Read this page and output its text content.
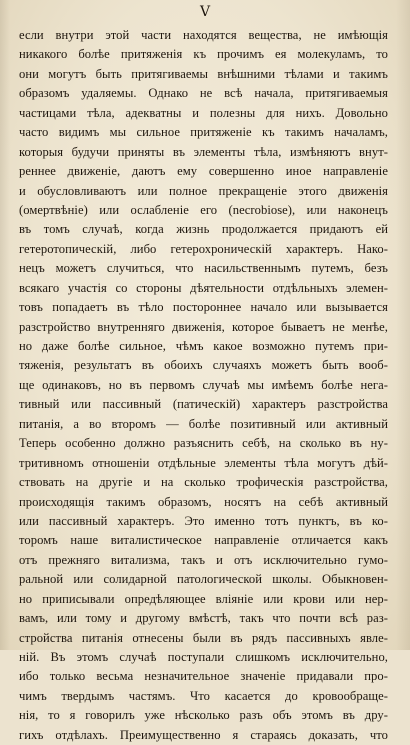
V
если внутри этой части находятся вещества, не имѣющія
никакого болѣе притяженія къ прочимъ ея молекуламъ, то
они могутъ быть притягиваемы внѣшними тѣлами и такимъ
образомъ удаляемы. Однако не всѣ начала, притягиваемыя
частицами тѣла, адекватны и полезны для нихъ. Довольно
часто видимъ мы сильное притяженіе къ такимъ началамъ,
которыя будучи приняты въ элементы тѣла, измѣняютъ внут-
реннее движеніе, даютъ ему совершенно иное направленіе
и обусловливаютъ или полное прекращеніе этого движенія
(омертвѣніе) или ослабленіе его (necrobiose), или наконецъ
въ томъ случаѣ, когда жизнь продолжается придаютъ ей
гетеротопическій, либо гетерохроническій характеръ. Нако-
нецъ можетъ случиться, что насильственнымъ путемъ, безъ
всякаго участія со стороны дѣятельности отдѣльныхъ элемен-
товъ попадаетъ въ тѣло постороннее начало или вызывается
разстройство внутренняго движенія, которое бываетъ не менѣе,
но даже болѣе сильное, чѣмъ какое возможно путемъ при-
тяженія, результатъ въ обоихъ случаяхъ можетъ быть вооб-
ще одинаковъ, но въ первомъ случаѣ мы имѣемъ болѣе нега-
тивный или пассивный (патическій) характеръ разстройства
питанія, а во второмъ — болѣе позитивный или активный
Теперь особенно должно разъяснить себѣ, на сколько въ ну-
тритивномъ отношеніи отдѣльные элементы тѣла могутъ дѣй-
ствовать на другіе и на сколько трофическія разстройства,
происходящія такимъ образомъ, носятъ на себѣ активный
или пассивный характеръ. Это именно тотъ пунктъ, въ ко-
торомъ наше виталистическое направленіе отличается какъ
отъ прежняго витализма, такъ и отъ исключительно гумо-
ральной или солидарной патологической школы. Обыкновен-
но приписывали опредѣляющее вліяніе или крови или нер-
вамъ, или тому и другому вмѣстѣ, такъ что почти всѣ раз-
стройства питанія отнесены были въ рядъ пассивныхъ явле-
ній. Въ этомъ случаѣ поступали слишкомъ исключительно,
ибо только весьма незначительное значеніе придавали про-
чимъ твердымъ частямъ. Что касается до кровообраще-
нія, то я говорилъ уже нѣсколько разъ объ этомъ въ дру-
гихъ отдѣлахъ. Преимущественно я стараясь доказать, что
